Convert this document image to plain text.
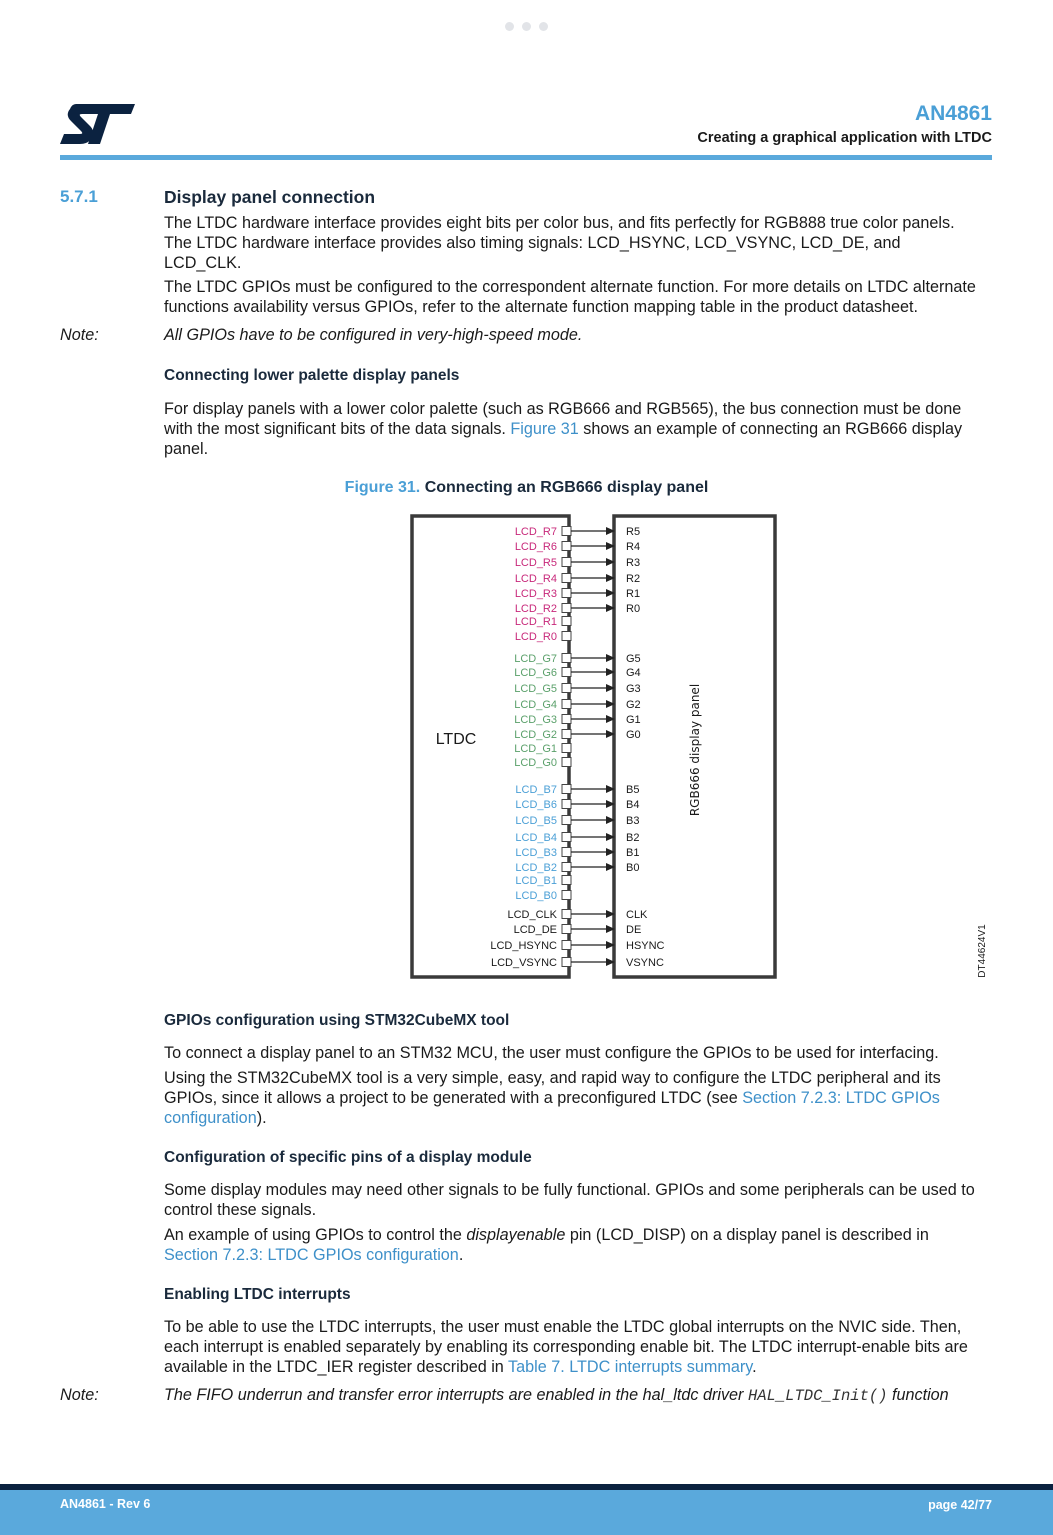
AN4861
Creating a graphical application with LTDC
5.7.1	Display panel connection
The LTDC hardware interface provides eight bits per color bus, and fits perfectly for RGB888 true color panels.
The LTDC hardware interface provides also timing signals: LCD_HSYNC, LCD_VSYNC, LCD_DE, and
LCD_CLK.
The LTDC GPIOs must be configured to the correspondent alternate function. For more details on LTDC alternate
functions availability versus GPIOs, refer to the alternate function mapping table in the product datasheet.
Note:	All GPIOs have to be configured in very-high-speed mode.
Connecting lower palette display panels
For display panels with a lower color palette (such as RGB666 and RGB565), the bus connection must be done
with the most significant bits of the data signals. Figure 31 shows an example of connecting an RGB666 display
panel.
Figure 31. Connecting an RGB666 display panel
LTDC	RGB666 display panel
DT44624V1
LCD_R7	R5
LCD_R6	R4
LCD_R5	R3
LCD_R4	R2
LCD_R3	R1
LCD_R2	R0
LCD_R1
LCD_R0
LCD_G7	G5
LCD_G6	G4
LCD_G5	G3
LCD_G4	G2
LCD_G3	G1
LCD_G2	G0
LCD_G1
LCD_G0
LCD_B7	B5
LCD_B6	B4
LCD_B5	B3
LCD_B4	B2
LCD_B3	B1
LCD_B2	B0
LCD_B1
LCD_B0
LCD_CLK	CLK
LCD_DE	DE
LCD_HSYNC	HSYNC
LCD_VSYNC	VSYNC
GPIOs configuration using STM32CubeMX tool
To connect a display panel to an STM32 MCU, the user must configure the GPIOs to be used for interfacing.
Using the STM32CubeMX tool is a very simple, easy, and rapid way to configure the LTDC peripheral and its
GPIOs, since it allows a project to be generated with a preconfigured LTDC (see Section 7.2.3: LTDC GPIOs
configuration).
Configuration of specific pins of a display module
Some display modules may need other signals to be fully functional. GPIOs and some peripherals can be used to
control these signals.
An example of using GPIOs to control the displayenable pin (LCD_DISP) on a display panel is described in
Section 7.2.3: LTDC GPIOs configuration.
Enabling LTDC interrupts
To be able to use the LTDC interrupts, the user must enable the LTDC global interrupts on the NVIC side. Then,
each interrupt is enabled separately by enabling its corresponding enable bit. The LTDC interrupt-enable bits are
available in the LTDC_IER register described in Table 7. LTDC interrupts summary.
Note:	The FIFO underrun and transfer error interrupts are enabled in the hal_ltdc driver HAL_LTDC_Init() function
AN4861 - Rev 6	page 42/77
